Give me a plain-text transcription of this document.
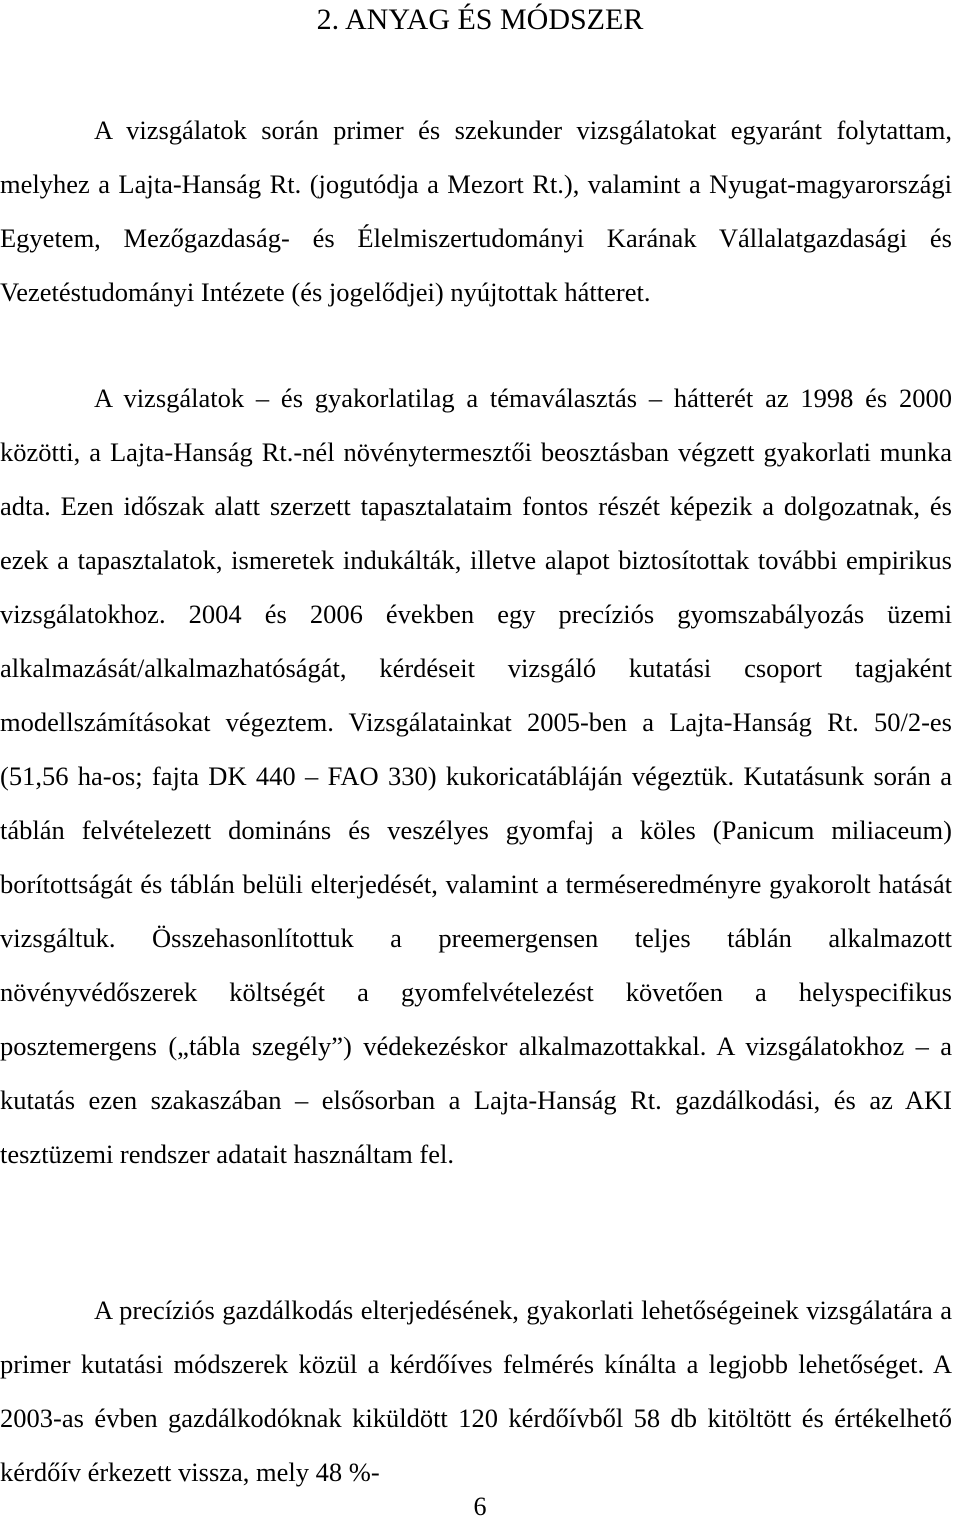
2. ANYAG ÉS MÓDSZER

A vizsgálatok során primer és szekunder vizsgálatokat egyaránt folytattam, melyhez a Lajta-Hanság Rt. (jogutódja a Mezort Rt.), valamint a Nyugat-magyarországi Egyetem, Mezőgazdaság- és Élelmiszertudományi Karának Vállalatgazdasági és Vezetéstudományi Intézete (és jogelődjei) nyújtottak hátteret.

A vizsgálatok – és gyakorlatilag a témaválasztás – hátterét az 1998 és 2000 közötti, a Lajta-Hanság Rt.-nél növénytermesztői beosztásban végzett gyakorlati munka adta. Ezen időszak alatt szerzett tapasztalataim fontos részét képezik a dolgozatnak, és ezek a tapasztalatok, ismeretek indukálták, illetve alapot biztosítottak további empirikus vizsgálatokhoz. 2004 és 2006 években egy precíziós gyomszabályozás üzemi alkalmazását/alkalmazhatóságát, kérdéseit vizsgáló kutatási csoport tagjaként modellszámításokat végeztem. Vizsgálatainkat 2005-ben a Lajta-Hanság Rt. 50/2-es (51,56 ha-os; fajta DK 440 – FAO 330) kukoricatábláján végeztük. Kutatásunk során a táblán felvételezett domináns és veszélyes gyomfaj a köles (Panicum miliaceum) borítottságát és táblán belüli elterjedését, valamint a terméseredményre gyakorolt hatását vizsgáltuk. Összehasonlítottuk a preemergensen teljes táblán alkalmazott növényvédőszerek költségét a gyomfelvételezést követően a helyspecifikus posztemergens („tábla szegély”) védekezéskor alkalmazottakkal. A vizsgálatokhoz – a kutatás ezen szakaszában – elsősorban a Lajta-Hanság Rt. gazdálkodási, és az AKI tesztüzemi rendszer adatait használtam fel.

A precíziós gazdálkodás elterjedésének, gyakorlati lehetőségeinek vizsgálatára a primer kutatási módszerek közül a kérdőíves felmérés kínálta a legjobb lehetőséget. A 2003-as évben gazdálkodóknak kiküldött 120 kérdőívből 58 db kitöltött és értékelhető kérdőív érkezett vissza, mely 48 %-

6
